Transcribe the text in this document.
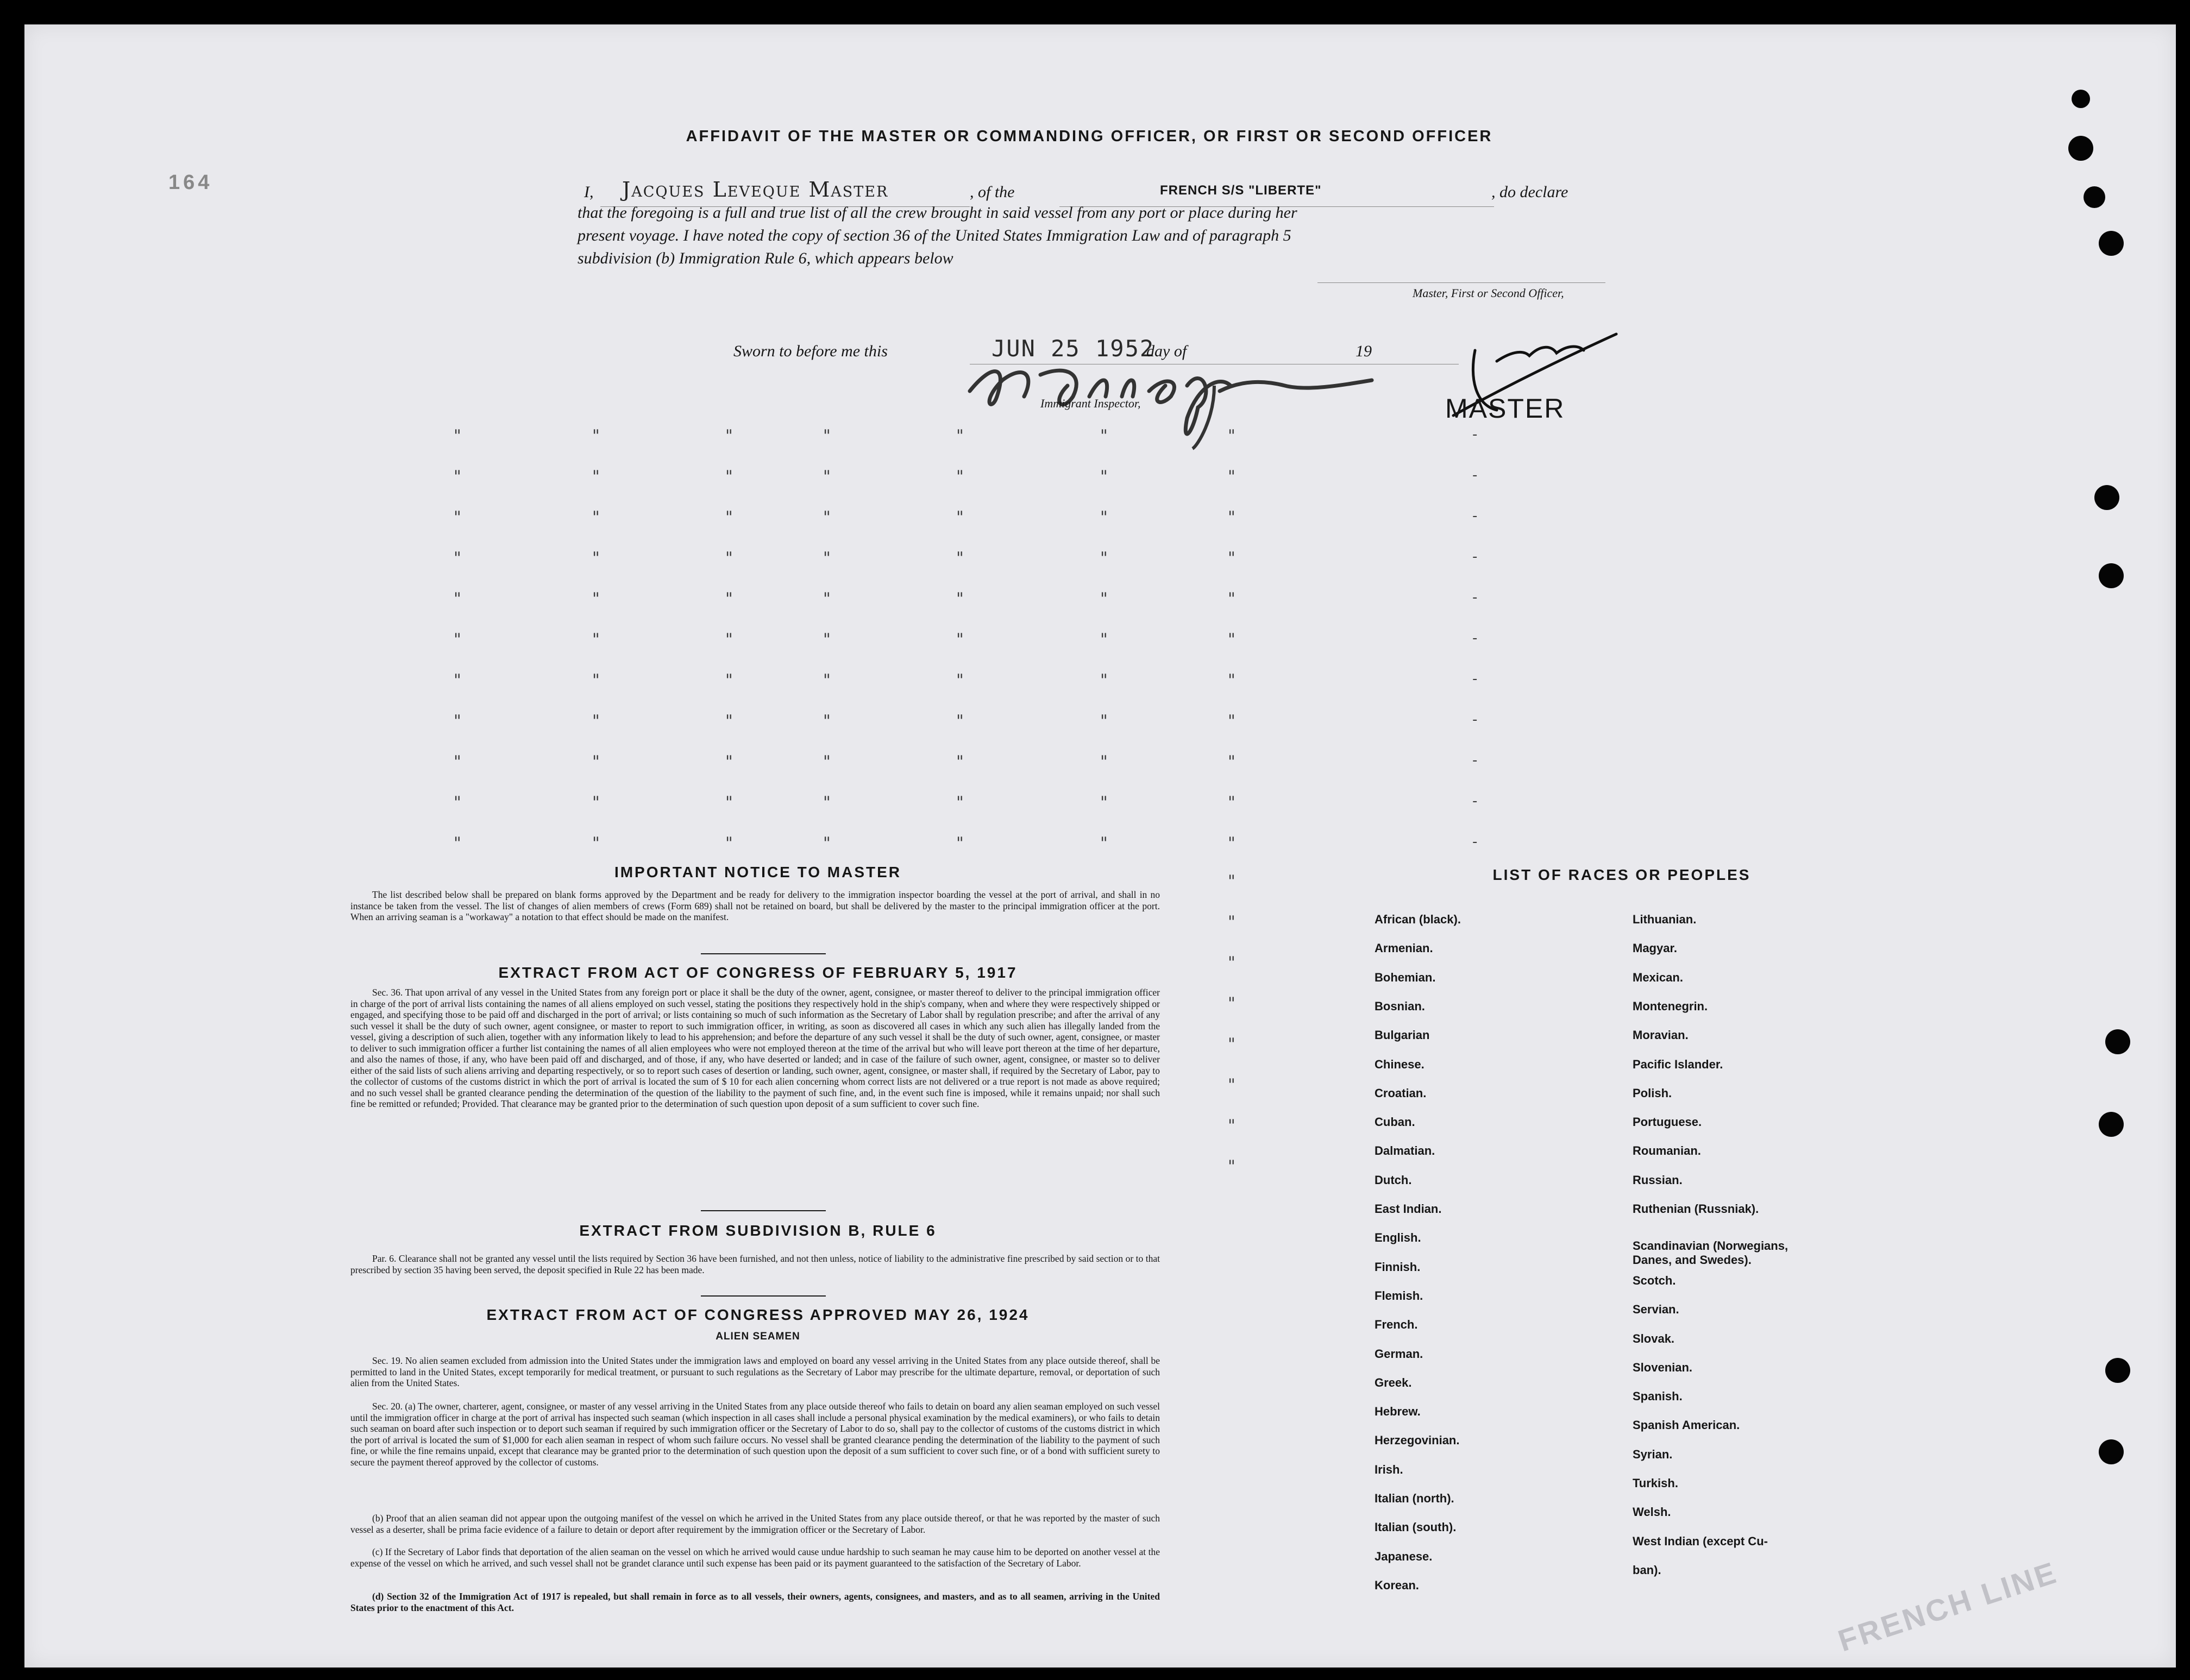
164
AFFIDAVIT OF THE MASTER OR COMMANDING OFFICER, OR FIRST OR SECOND OFFICER
I, Jacques Leveque Master	, of the	FRENCH S/S "LIBERTE"	, do declare
that the foregoing is a full and true list of all the crew brought in said vessel from any port or place during her
present voyage. I have noted the copy of section 36 of the United States Immigration Law and of paragraph 5
subdivision (b) Immigration Rule 6, which appears below
Master, First or Second Officer,
Sworn to before me this	JUN 25 1952
day of	19
Immigrant Inspector,	MASTER
IMPORTANT NOTICE TO MASTER
The list described below shall be prepared on blank forms approved by the Department and be ready for delivery to the immigration inspector boarding the vessel at the port of arrival, and shall in no instance be taken from the vessel. The list of changes of alien members of crews (Form 689) shall not be retained on board, but shall be delivered by the master to the principal immigration officer at the port. When an arriving seaman is a "workaway" a notation to that effect should be made on the manifest.
EXTRACT FROM ACT OF CONGRESS OF FEBRUARY 5, 1917
Sec. 36. That upon arrival of any vessel in the United States from any foreign port or place it shall be the duty of the owner, agent, consignee, or master thereof to deliver to the principal immigration officer in charge of the port of arrival lists containing the names of all aliens employed on such vessel, stating the positions they respectively hold in the ship's company, when and where they were respectively shipped or engaged, and specifying those to be paid off and discharged in the port of arrival; or lists containing so much of such information as the Secretary of Labor shall by regulation prescribe; and after the arrival of any such vessel it shall be the duty of such owner, agent consignee, or master to report to such immigration officer, in writing, as soon as discovered all cases in which any such alien has illegally landed from the vessel, giving a description of such alien, together with any information likely to lead to his apprehension; and before the departure of any such vessel it shall be the duty of such owner, agent, consignee, or master to deliver to such immigration officer a further list containing the names of all alien employees who were not employed thereon at the time of the arrival but who will leave port thereon at the time of her departure, and also the names of those, if any, who have been paid off and discharged, and of those, if any, who have deserted or landed; and in case of the failure of such owner, agent, consignee, or master so to deliver either of the said lists of such aliens arriving and departing respectively, or so to report such cases of desertion or landing, such owner, agent, consignee, or master shall, if required by the Secretary of Labor, pay to the collector of customs of the customs district in which the port of arrival is located the sum of $ 10 for each alien concerning whom correct lists are not delivered or a true report is not made as above required; and no such vessel shall be granted clearance pending the determination of the question of the liability to the payment of such fine, and, in the event such fine is imposed, while it remains unpaid; nor shall such fine be remitted or refunded; Provided. That clearance may be granted prior to the determination of such question upon deposit of a sum sufficient to cover such fine.
EXTRACT FROM SUBDIVISION B, RULE 6
Par. 6. Clearance shall not be granted any vessel until the lists required by Section 36 have been furnished, and not then unless, notice of liability to the administrative fine prescribed by said section or to that prescribed by section 35 having been served, the deposit specified in Rule 22 has been made.
EXTRACT FROM ACT OF CONGRESS APPROVED MAY 26, 1924
ALIEN SEAMEN
Sec. 19. No alien seamen excluded from admission into the United States under the immigration laws and employed on board any vessel arriving in the United States from any place outside thereof, shall be permitted to land in the United States, except temporarily for medical treatment, or pursuant to such regulations as the Secretary of Labor may prescribe for the ultimate departure, removal, or deportation of such alien from the United States.
Sec. 20. (a) The owner, charterer, agent, consignee, or master of any vessel arriving in the United States from any place outside thereof who fails to detain on board any alien seaman employed on such vessel until the immigration officer in charge at the port of arrival has inspected such seaman (which inspection in all cases shall include a personal physical examination by the medical examiners), or who fails to detain such seaman on board after such inspection or to deport such seaman if required by such immigration officer or the Secretary of Labor to do so, shall pay to the collector of customs of the customs district in which the port of arrival is located the sum of $1,000 for each alien seaman in respect of whom such failure occurs. No vessel shall be granted clearance pending the determination of the liability to the payment of such fine, or while the fine remains unpaid, except that clearance may be granted prior to the determination of such question upon the deposit of a sum sufficient to cover such fine, or of a bond with sufficient surety to secure the payment thereof approved by the collector of customs.
(b) Proof that an alien seaman did not appear upon the outgoing manifest of the vessel on which he arrived in the United States from any place outside thereof, or that he was reported by the master of such vessel as a deserter, shall be prima facie evidence of a failure to detain or deport after requirement by the immigration officer or the Secretary of Labor.
(c) If the Secretary of Labor finds that deportation of the alien seaman on the vessel on which he arrived would cause undue hardship to such seaman he may cause him to be deported on another vessel at the expense of the vessel on which he arrived, and such vessel shall not be grandet clarance until such expense has been paid or its payment guaranteed to the satisfaction of the Secretary of Labor.
(d) Section 32 of the Immigration Act of 1917 is repealed, but shall remain in force as to all vessels, their owners, agents, consignees, and masters, and as to all seamen, arriving in the United States prior to the enactment of this Act.
LIST OF RACES OR PEOPLES
FRENCH LINE
African (black).
Armenian.
Bohemian.
Bosnian.
Bulgarian
Chinese.
Croatian.
Cuban.
Dalmatian.
Dutch.
East Indian.
English.
Finnish.
Flemish.
French.
German.
Greek.
Hebrew.
Herzegovinian.
Irish.
Italian (north).
Italian (south).
Japanese.
Korean.
Lithuanian.
Magyar.
Mexican.
Montenegrin.
Moravian.
Pacific Islander.
Polish.
Portuguese.
Roumanian.
Russian.
Ruthenian (Russniak).
Scandinavian (Norwegians,
Danes, and Swedes).
Scotch.
Servian.
Slovak.
Slovenian.
Spanish.
Spanish American.
Syrian.
Turkish.
Welsh.
West Indian (except Cu-
ban).
"	"	"	"	"	"	"	-
"	"	"	"	"	"	"	-
"	"	"	"	"	"	"	-
"	"	"	"	"	"	"	-
"	"	"	"	"	"	"	-
"	"	"	"	"	"	"	-
"	"	"	"	"	"	"	-
"	"	"	"	"	"	"	-
"	"	"	"	"	"	"	-
"	"	"	"	"	"	"	-
"	"	"	"	"	"	"	-
"
"
"
"
"
"
"
"
